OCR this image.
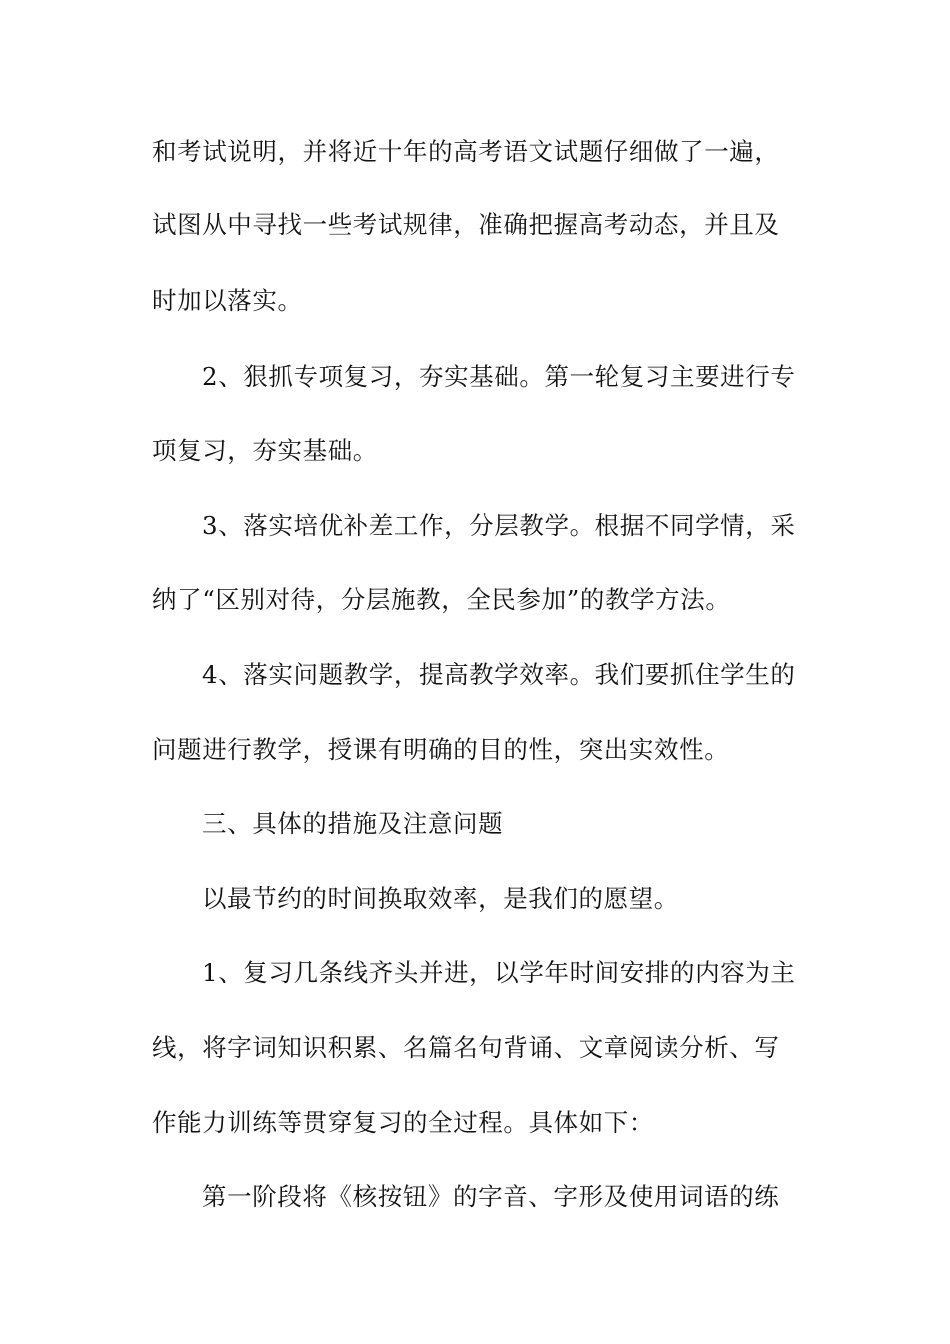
和考试说明，并将近十年的高考语文试题仔细做了一遍，
试图从中寻找一些考试规律，准确把握高考动态，并且及
时加以落实。
2、狠抓专项复习，夯实基础。第一轮复习主要进行专
项复习，夯实基础。
3、落实培优补差工作，分层教学。根据不同学情，采
纳了“区别对待，分层施教，全民参加”的教学方法。
4、落实问题教学，提高教学效率。我们要抓住学生的
问题进行教学，授课有明确的目的性，突出实效性。
三、具体的措施及注意问题
以最节约的时间换取效率，是我们的愿望。
1、复习几条线齐头并进，以学年时间安排的内容为主
线，将字词知识积累、名篇名句背诵、文章阅读分析、写
作能力训练等贯穿复习的全过程。具体如下：
第一阶段将《核按钮》的字音、字形及使用词语的练
